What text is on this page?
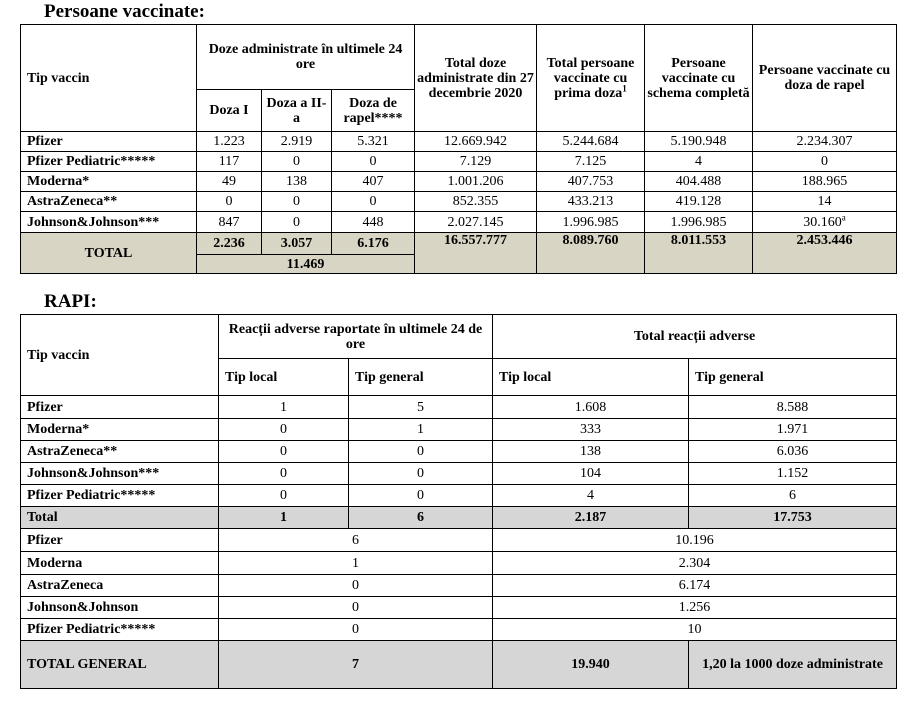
Persoane vaccinate:
Tip vaccin	Doze administrate în ultimele 24 ore			Total doze administrate din 27 decembrie 2020	Total persoane vaccinate cu prima doza$^1$	Persoane vaccinate cu schema completă	Persoane vaccinate cu doza de rapel
	Doza I	Doza a II-a	Doza de rapel****				
Pfizer	1.223	2.919	5.321	12.669.942	5.244.684	5.190.948	2.234.307
Pfizer Pediatric*****	117	0	0	7.129	7.125	4	0
Moderna*	49	138	407	1.001.206	407.753	404.488	188.965
AstraZeneca**	0	0	0	852.355	433.213	419.128	14
Johnson&Johnson***	847	0	448	2.027.145	1.996.985	1.996.985	30.160$^a$
TOTAL	2.236	3.057	6.176	16.557.777	8.089.760	8.011.553	2.453.446
	11.469						
RAPI:
Tip vaccin	Reacții adverse raportate în ultimele 24 de ore		Total reacții adverse	
	Tip local	Tip general	Tip local	Tip general
Pfizer	1	5	1.608	8.588
Moderna*	0	1	333	1.971
AstraZeneca**	0	0	138	6.036
Johnson&Johnson***	0	0	104	1.152
Pfizer Pediatric*****	0	0	4	6
Total	1	6	2.187	17.753
Pfizer	6		10.196	
Moderna	1		2.304	
AstraZeneca	0		6.174	
Johnson&Johnson	0		1.256	
Pfizer Pediatric*****	0		10	
TOTAL GENERAL	7		19.940	1,20 la 1000 doze administrate
